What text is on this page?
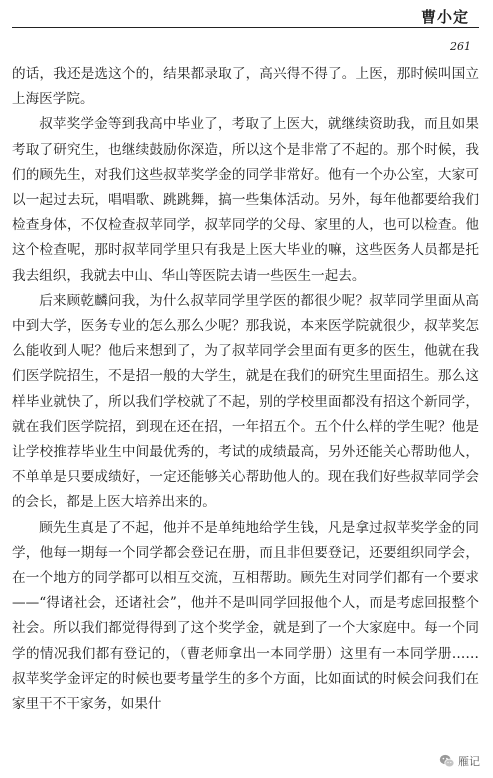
曹小定
261

的话，我还是选这个的，结果都录取了，高兴得不得了。上医，那时候叫国立上海医学院。

叔苹奖学金等到我高中毕业了，考取了上医大，就继续资助我，而且如果考取了研究生，也继续鼓励你深造，所以这个是非常了不起的。那个时候，我们的顾先生，对我们这些叔苹奖学金的同学非常好。他有一个办公室，大家可以一起过去玩，唱唱歌、跳跳舞，搞一些集体活动。另外，每年他都要给我们检查身体，不仅检查叔苹同学，叔苹同学的父母、家里的人，也可以检查。他这个检查呢，那时叔苹同学里只有我是上医大毕业的嘛，这些医务人员都是托我去组织，我就去中山、华山等医院去请一些医生一起去。

后来顾乾麟问我，为什么叔苹同学里学医的都很少呢？叔苹同学里面从高中到大学，医务专业的怎么那么少呢？那我说，本来医学院就很少，叔苹奖怎么能收到人呢？他后来想到了，为了叔苹同学会里面有更多的医生，他就在我们医学院招生，不是招一般的大学生，就是在我们的研究生里面招生。那么这样毕业就快了，所以我们学校就了不起，别的学校里面都没有招这个新同学，就在我们医学院招，到现在还在招，一年招五个。五个什么样的学生呢？他是让学校推荐毕业生中间最优秀的，考试的成绩最高，另外还能关心帮助他人，不单单是只要成绩好，一定还能够关心帮助他人的。现在我们好些叔苹同学会的会长，都是上医大培养出来的。

顾先生真是了不起，他并不是单纯地给学生钱，凡是拿过叔苹奖学金的同学，他每一期每一个同学都会登记在册，而且非但要登记，还要组织同学会，在一个地方的同学都可以相互交流，互相帮助。顾先生对同学们都有一个要求——“得诸社会，还诸社会”，他并不是叫同学回报他个人，而是考虑回报整个社会。所以我们都觉得得到了这个奖学金，就是到了一个大家庭中。每一个同学的情况我们都有登记的，（曹老师拿出一本同学册）这里有一本同学册……叔苹奖学金评定的时候也要考量学生的多个方面，比如面试的时候会问我们在家里干不干家务，如果什

雁记
